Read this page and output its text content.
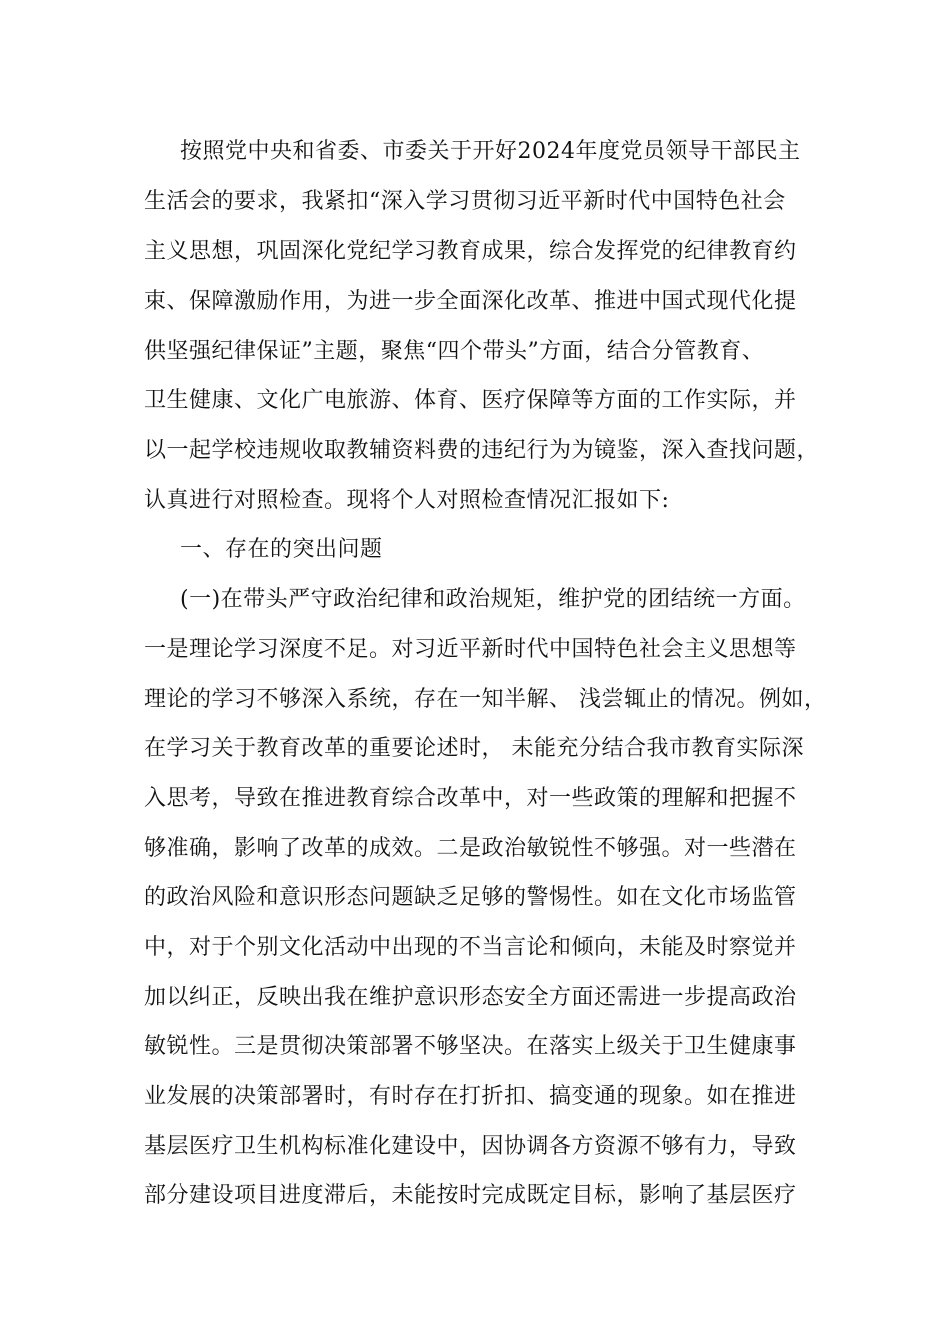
按照党中央和省委、市委关于开好2024年度党员领导干部民主
生活会的要求，我紧扣“深入学习贯彻习近平新时代中国特色社会
主义思想，巩固深化党纪学习教育成果，综合发挥党的纪律教育约
束、保障激励作用，为进一步全面深化改革、推进中国式现代化提
供坚强纪律保证”主题，聚焦“四个带头”方面，结合分管教育、
卫生健康、文化广电旅游、体育、医疗保障等方面的工作实际，并
以一起学校违规收取教辅资料费的违纪行为为镜鉴，深入查找问题，
认真进行对照检查。现将个人对照检查情况汇报如下:
一、存在的突出问题
(一)在带头严守政治纪律和政治规矩，维护党的团结统一方面。
一是理论学习深度不足。对习近平新时代中国特色社会主义思想等
理论的学习不够深入系统，存在一知半解、 浅尝辄止的情况。例如，
在学习关于教育改革的重要论述时， 未能充分结合我市教育实际深
入思考，导致在推进教育综合改革中，对一些政策的理解和把握不
够准确，影响了改革的成效。二是政治敏锐性不够强。对一些潜在
的政治风险和意识形态问题缺乏足够的警惕性。如在文化市场监管
中，对于个别文化活动中出现的不当言论和倾向，未能及时察觉并
加以纠正，反映出我在维护意识形态安全方面还需进一步提高政治
敏锐性。三是贯彻决策部署不够坚决。在落实上级关于卫生健康事
业发展的决策部署时，有时存在打折扣、搞变通的现象。如在推进
基层医疗卫生机构标准化建设中，因协调各方资源不够有力，导致
部分建设项目进度滞后，未能按时完成既定目标，影响了基层医疗
